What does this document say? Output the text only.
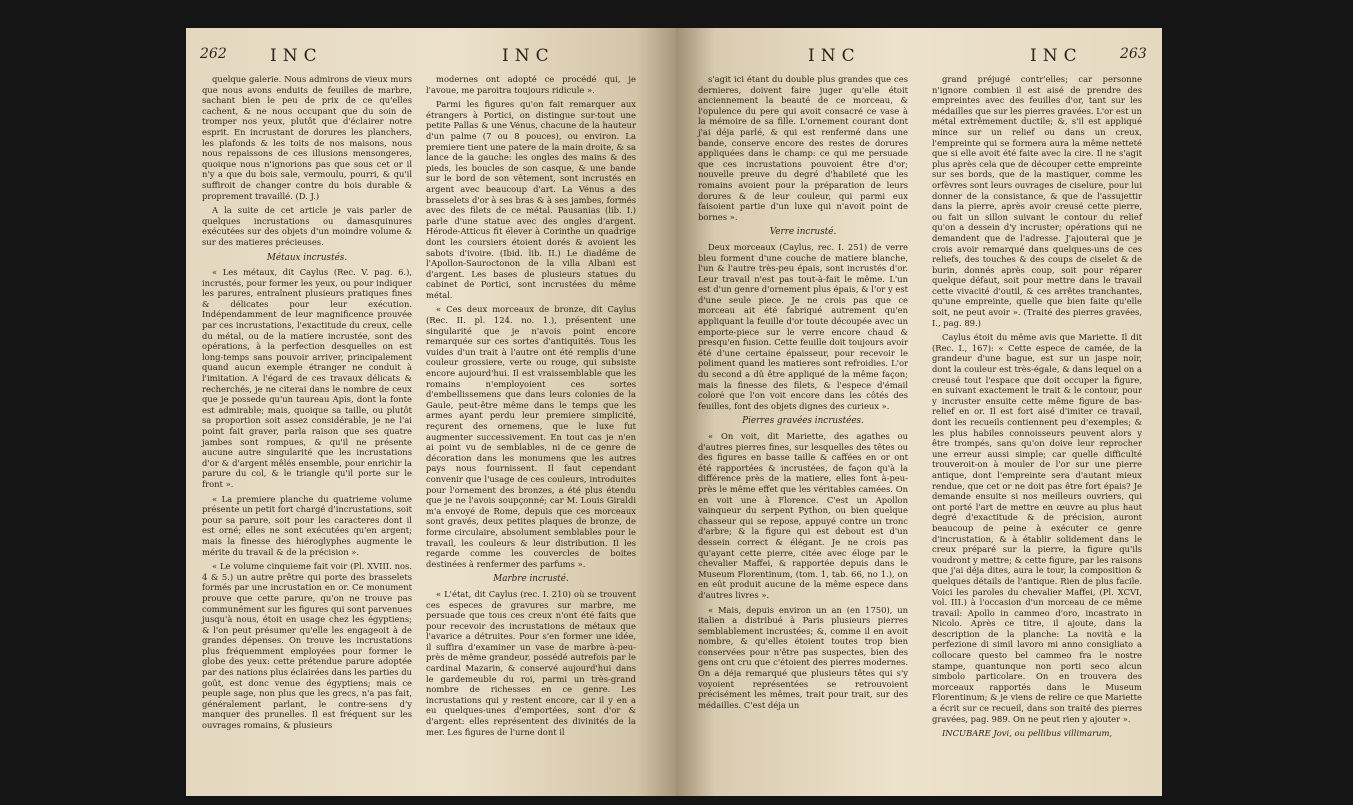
262	INC	INC

quelque galerie. Nous admirons de vieux murs que nous avons enduits de feuilles de marbre, sachant bien le peu de prix de ce qu'elles cachent, & ne nous occupant que du soin de tromper nos yeux, plutôt que d'éclairer notre esprit. En incrustant de dorures les planchers, les plafonds & les toits de nos maisons, nous nous repaissons de ces illusions mensongeres, quoique nous n'ignorions pas que sous cet or il n'y a que du bois sale, vermoulu, pourri, & qu'il suffiroit de changer contre du bois durable & proprement travaillé. (D. J.)

A la suite de cet article je vais parler de quelques incrustations ou damasquinures exécutées sur des objets d'un moindre volume & sur des matieres précieuses.

Métaux incrustés.

« Les métaux, dit Caylus (Rec. V. pag. 6.), incrustés, pour former les yeux, ou pour indiquer les parures, entraînent plusieurs pratiques fines & délicates pour leur exécution. Indépendamment de leur magnificence prouvée par ces incrustations, l'exactitude du creux, celle du métal, ou de la matiere incrustée, sont des opérations, à la perfection desquelles on est long-temps sans pouvoir arriver, principalement quand aucun exemple étranger ne conduit à l'imitation. A l'égard de ces travaux délicats & recherchés, je ne citerai dans le nombre de ceux que je possede qu'un taureau Apis, dont la fonte est admirable; mais, quoique sa taille, ou plutôt sa proportion soit assez considérable, je ne l'ai point fait graver, parla raison que ses quatre jambes sont rompues, & qu'il ne présente aucune autre singularité que les incrustations d'or & d'argent mêlés ensemble, pour enrichir la parure du col, & le triangle qu'il porte sur le front ».

« La premiere planche du quatrieme volume présente un petit fort chargé d'incrustations, soit pour sa parure, soit pour les caracteres dont il est orné; elles ne sont exécutées qu'en argent; mais la finesse des hiéroglyphes augmente le mérite du travail & de la précision ».

« Le volume cinquieme fait voir (Pl. XVIII. nos. 4 & 5.) un autre prêtre qui porte des brasselets formés par une incrustation en or. Ce monument prouve que cette parure, qu'on ne trouve pas communément sur les figures qui sont parvenues jusqu'à nous, étoit en usage chez les égyptiens; & l'on peut présumer qu'elle les engageoit à de grandes dépenses. On trouve les incrustations plus fréquemment employées pour former le globe des yeux: cette prétendue parure adoptée par des nations plus éclairées dans les parties du goût, est donc venue des égyptiens; mais ce peuple sage, non plus que les grecs, n'a pas fait, généralement parlant, le contre-sens d'y manquer des prunelles. Il est fréquent sur les ouvrages romains, & plusieurs

modernes ont adopté ce procédé qui, je l'avoue, me paroitra toujours ridicule ».

Parmi les figures qu'on fait remarquer aux étrangers à Portici, on distingue sur-tout une petite Pallas & une Vénus, chacune de la hauteur d'un palme (7 ou 8 pouces), ou environ. La premiere tient une patere de la main droite, & sa lance de la gauche: les ongles des mains & des pieds, les boucles de son casque, & une bande sur le bord de son vêtement, sont incrustés en argent avec beaucoup d'art. La Vénus a des brasselets d'or à ses bras & à ses jambes, formés avec des filets de ce métal. Pausanias (lib. I.) parle d'une statue avec des ongles d'argent. Hérode-Atticus fit élever à Corinthe un quadrige dont les coursiers étoient dorés & avoient les sabots d'ivoire. (Ibid. lib. II.) Le diadême de l'Apollon-Sauroctonon de la villa Albani est d'argent. Les bases de plusieurs statues du cabinet de Portici, sont incrustées du même métal.

« Ces deux morceaux de bronze, dit Caylus (Rec. II. pl. 124. no. 1.), présentent une singularité que je n'avois point encore remarquée sur ces sortes d'antiquités. Tous les vuides d'un trait à l'autre ont été remplis d'une couleur grossiere, verte ou rouge, qui subsiste encore aujourd'hui. Il est vraissemblable que les romains n'employoient ces sortes d'embellissemens que dans leurs colonies de la Gaule, peut-être même dans le temps que les armes ayant perdu leur premiere simplicité, reçurent des ornemens, que le luxe fut augmenter successivement. En tout cas je n'en ai point vu de semblables, ni de ce genre de décoration dans les monumens que les autres pays nous fournissent. Il faut cependant convenir que l'usage de ces couleurs, introduites pour l'ornement des bronzes, a été plus étendu que je ne l'avois soupçonné; car M. Louis Giraldi m'a envoyé de Rome, depuis que ces morceaux sont gravés, deux petites plaques de bronze, de forme circulaire, absolument semblables pour le travail, les couleurs & leur distribution. Il les regarde comme les couvercles de boites destinées à renfermer des parfums ».

Marbre incrusté.

« L'état, dit Caylus (rec. I. 210) où se trouvent ces especes de gravures sur marbre, me persuade que tous ces creux n'ont été faits que pour recevoir des incrustations de métaux que l'avarice a détruites. Pour s'en former une idée, il suffira d'examiner un vase de marbre à-peu-près de même grandeur, possédé autrefois par le cardinal Mazarin, & conservé aujourd'hui dans le gardemeuble du roi, parmi un très-grand nombre de richesses en ce genre. Les incrustations qui y restent encore, car il y en a eu quelques-unes d'emportées, sont d'or & d'argent: elles représentent des divinités de la mer. Les figures de l'urne dont il

INC	INC	263

s'agit ici étant du double plus grandes que ces dernieres, doivent faire juger qu'elle étoit anciennement la beauté de ce morceau, & l'opulence du pere qui avoit consacré ce vase à la mémoire de sa fille. L'ornement courant dont j'ai déja parlé, & qui est renfermé dans une bande, conserve encore des restes de dorures appliquées dans le champ: ce qui me persuade que ces incrustations pouvoient être d'or; nouvelle preuve du degré d'habileté que les romains avoient pour la préparation de leurs dorures & de leur couleur, qui parmi eux faisoient partie d'un luxe qui n'avoit point de bornes ».

Verre incrusté.

Deux morceaux (Caylus, rec. I. 251) de verre bleu forment d'une couche de matiere blanche, l'un & l'autre très-peu épais, sont incrustés d'or. Leur travail n'est pas tout-à-fait le même. L'un est d'un genre d'ornement plus épais, & l'or y est d'une seule piece. Je ne crois pas que ce morceau ait été fabriqué autrement qu'en appliquant la feuille d'or toute découpée avec un emporte-piece sur le verre encore chaud & presqu'en fusion. Cette feuille doit toujours avoir été d'une certaine épaisseur, pour recevoir le poliment quand les matieres sont refroidies. L'or du second a dû être appliqué de la même façon; mais la finesse des filets, & l'espece d'émail coloré que l'on voit encore dans les côtés des feuilles, font des objets dignes des curieux ».

Pierres gravées incrustées.

« On voit, dit Mariette, des agathes ou d'autres pierres fines, sur lesquelles des têtes ou des figures en basse taille & caffées en or ont été rapportées & incrustées, de façon qu'à la différence près de la matiere, elles font à-peu-près le même effet que les véritables camées. On en voit une à Florence. C'est un Apollon vainqueur du serpent Python, ou bien quelque chasseur qui se repose, appuyé contre un tronc d'arbre; & la figure qui est debout est d'un dessein correct & élégant. Je ne crois pas qu'ayant cette pierre, citée avec éloge par le chevalier Maffei, & rapportée depuis dans le Museum Florentinum, (tom. 1, tab. 66, no 1.), on en eût produit aucune de la même espece dans d'autres livres ».

« Mais, depuis environ un an (en 1750), un italien a distribué à Paris plusieurs pierres semblablement incrustées; &, comme il en avoit nombre, & qu'elles étoient toutes trop bien conservées pour n'être pas suspectes, bien des gens ont cru que c'étoient des pierres modernes. On a déja remarqué que plusieurs têtes qui s'y voyoient représentées se retrouvoient précisément les mêmes, trait pour trait, sur des médailles. C'est déja un

grand préjugé contr'elles; car personne n'ignore combien il est aisé de prendre des empreintes avec des feuilles d'or, tant sur les médailles que sur les pierres gravées. L'or est un métal extrêmement ductile; &, s'il est appliqué mince sur un relief ou dans un creux, l'empreinte qui se formera aura la même netteté que si elle avoit été faite avec la cire. Il ne s'agit plus après cela que de découper cette empreinte sur ses bords, que de la mastiquer, comme les orfèvres sont leurs ouvrages de ciselure, pour lui donner de la consistance, & que de l'assujettir dans la pierre, après avoir creusé cette pierre, ou fait un sillon suivant le contour du relief qu'on a dessein d'y incruster; opérations qui ne demandent que de l'adresse. J'ajouterai que je crois avoir remarqué dans quelques-uns de ces reliefs, des touches & des coups de ciselet & de burin, donnés après coup, soit pour réparer quelque défaut, soit pour mettre dans le travail cette vivacité d'outil, & ces arrêtes tranchantes, qu'une empreinte, quelle que bien faite qu'elle soit, ne peut avoir ». (Traité des pierres gravées, I., pag. 89.)

Caylus étoit du même avis que Mariette. Il dit (Rec. I., 167): « Cette espece de camée, de la grandeur d'une bague, est sur un jaspe noir, dont la couleur est très-égale, & dans lequel on a creusé tout l'espace que doit occuper la figure, en suivant exactement le trait & le contour, pour y incruster ensuite cette même figure de bas-relief en or. Il est fort aisé d'imiter ce travail, dont les recueils contiennent peu d'exemples; & les plus habiles connoisseurs peuvent alors y être trompés, sans qu'on doive leur reprocher une erreur aussi simple; car quelle difficulté trouveroit-on à mouler de l'or sur une pierre antique, dont l'empreinte sera d'autant mieux rendue, que cet or ne doit pas être fort épais? Je demande ensuite si nos meilleurs ouvriers, qui ont porté l'art de mettre en œuvre au plus haut degré d'exactitude & de précision, auront beaucoup de peine à exécuter ce genre d'incrustation, & à établir solidement dans le creux préparé sur la pierre, la figure qu'ils voudront y mettre; & cette figure, par les raisons que j'ai déja dites, aura le tour, la composition & quelques détails de l'antique. Rien de plus facile. Voici les paroles du chevalier Maffei, (Pl. XCVI, vol. III.) à l'occasion d'un morceau de ce même travail: Apollo in cammeo d'oro, incastrato in Nicolo. Après ce titre, il ajoute, dans la description de la planche: La novità e la perfezione di simil lavoro mi anno consigliato a collocare questo bel cammeo fra le nostre stampe, quantunque non porti seco alcun simbolo particolare. On en trouvera des morceaux rapportés dans le Museum Florentinum; & je viens de relire ce que Mariette a écrit sur ce recueil, dans son traité des pierres gravées, pag. 989. On ne peut rien y ajouter ».

INCUBARE Jovi, ou pellibus villimarum,
